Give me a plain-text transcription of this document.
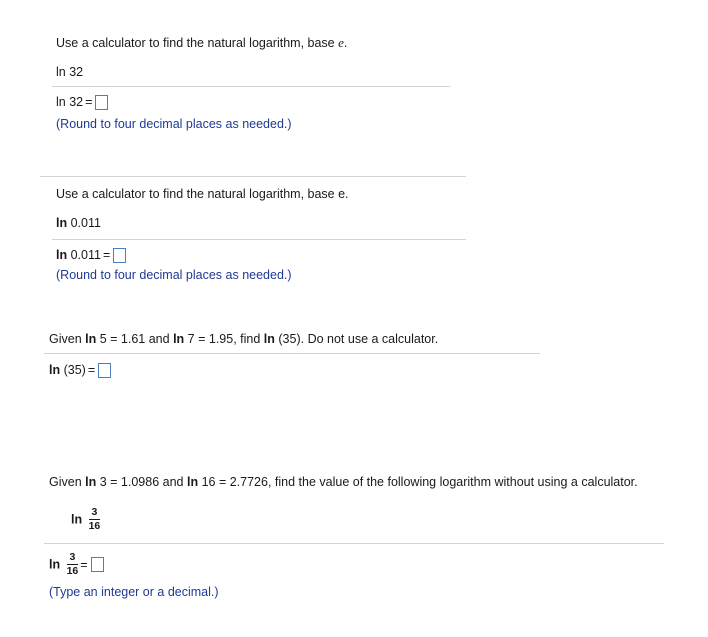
Use a calculator to find the natural logarithm, base e.
ln 32
ln 32 =
(Round to four decimal places as needed.)
Use a calculator to find the natural logarithm, base e.
ln 0.011
ln 0.011 =
(Round to four decimal places as needed.)
Given ln 5 = 1.61 and ln 7 = 1.95, find ln (35). Do not use a calculator.
ln (35) =
Given ln 3 = 1.0986 and ln 16 = 2.7726, find the value of the following logarithm without using a calculator.
$\ln \frac{3}{16}$
$\ln \frac{3}{16}$ =
(Type an integer or a decimal.)
